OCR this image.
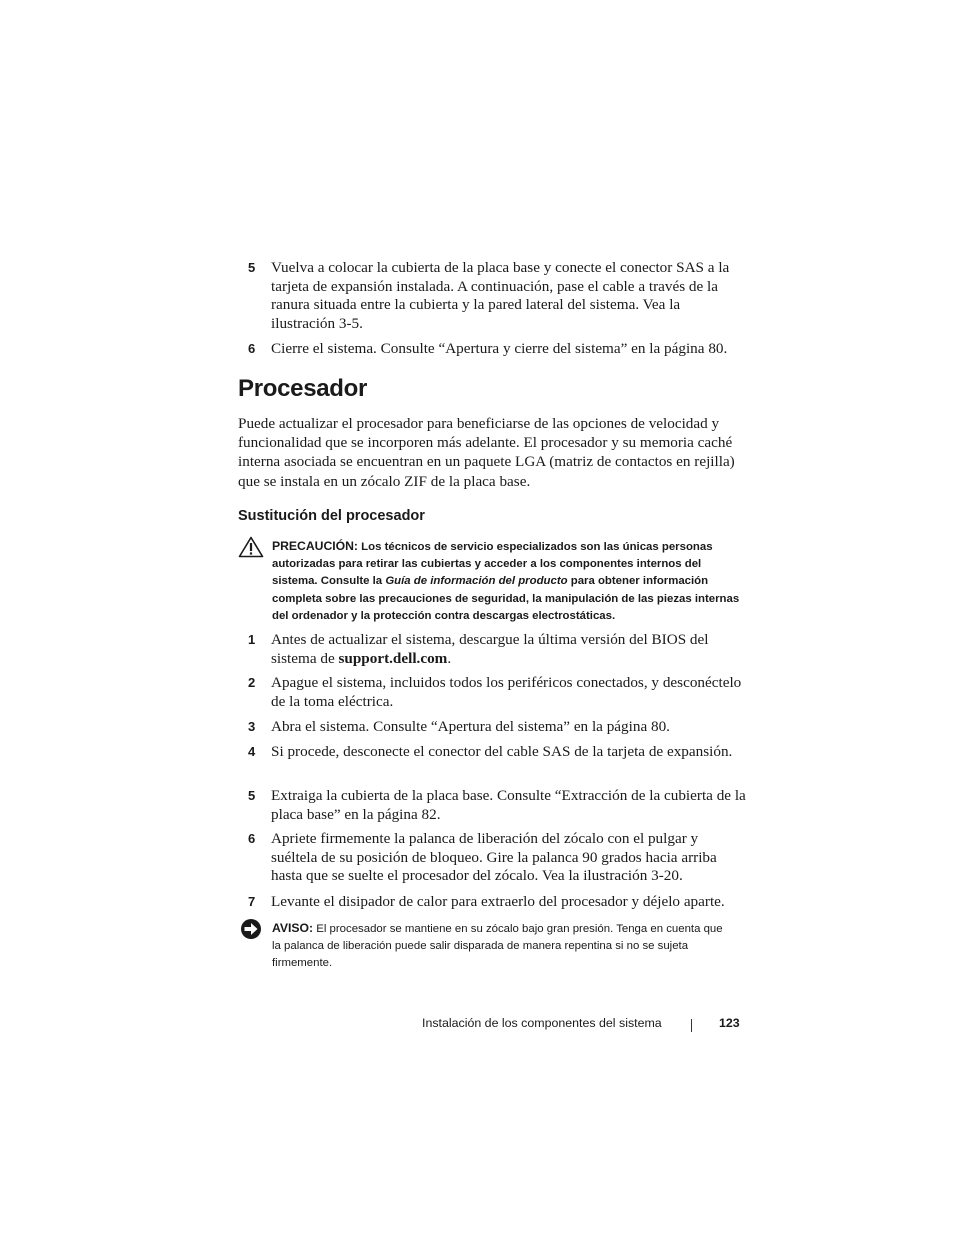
5 Vuelva a colocar la cubierta de la placa base y conecte el conector SAS a la tarjeta de expansión instalada. A continuación, pase el cable a través de la ranura situada entre la cubierta y la pared lateral del sistema. Vea la ilustración 3-5.
6 Cierre el sistema. Consulte “Apertura y cierre del sistema” en la página 80.
Procesador
Puede actualizar el procesador para beneficiarse de las opciones de velocidad y funcionalidad que se incorporen más adelante. El procesador y su memoria caché interna asociada se encuentran en un paquete LGA (matriz de contactos en rejilla) que se instala en un zócalo ZIF de la placa base.
Sustitución del procesador
PRECAUCIÓN: Los técnicos de servicio especializados son las únicas personas autorizadas para retirar las cubiertas y acceder a los componentes internos del sistema. Consulte la Guía de información del producto para obtener información completa sobre las precauciones de seguridad, la manipulación de las piezas internas del ordenador y la protección contra descargas electrostáticas.
1 Antes de actualizar el sistema, descargue la última versión del BIOS del sistema de support.dell.com.
2 Apague el sistema, incluidos todos los periféricos conectados, y desconéctelo de la toma eléctrica.
3 Abra el sistema. Consulte “Apertura del sistema” en la página 80.
4 Si procede, desconecte el conector del cable SAS de la tarjeta de expansión.
5 Extraiga la cubierta de la placa base. Consulte “Extracción de la cubierta de la placa base” en la página 82.
6 Apriete firmemente la palanca de liberación del zócalo con el pulgar y suéltela de su posición de bloqueo. Gire la palanca 90 grados hacia arriba hasta que se suelte el procesador del zócalo. Vea la ilustración 3-20.
7 Levante el disipador de calor para extraerlo del procesador y déjelo aparte.
AVISO: El procesador se mantiene en su zócalo bajo gran presión. Tenga en cuenta que la palanca de liberación puede salir disparada de manera repentina si no se sujeta firmemente.
Instalación de los componentes del sistema	123
